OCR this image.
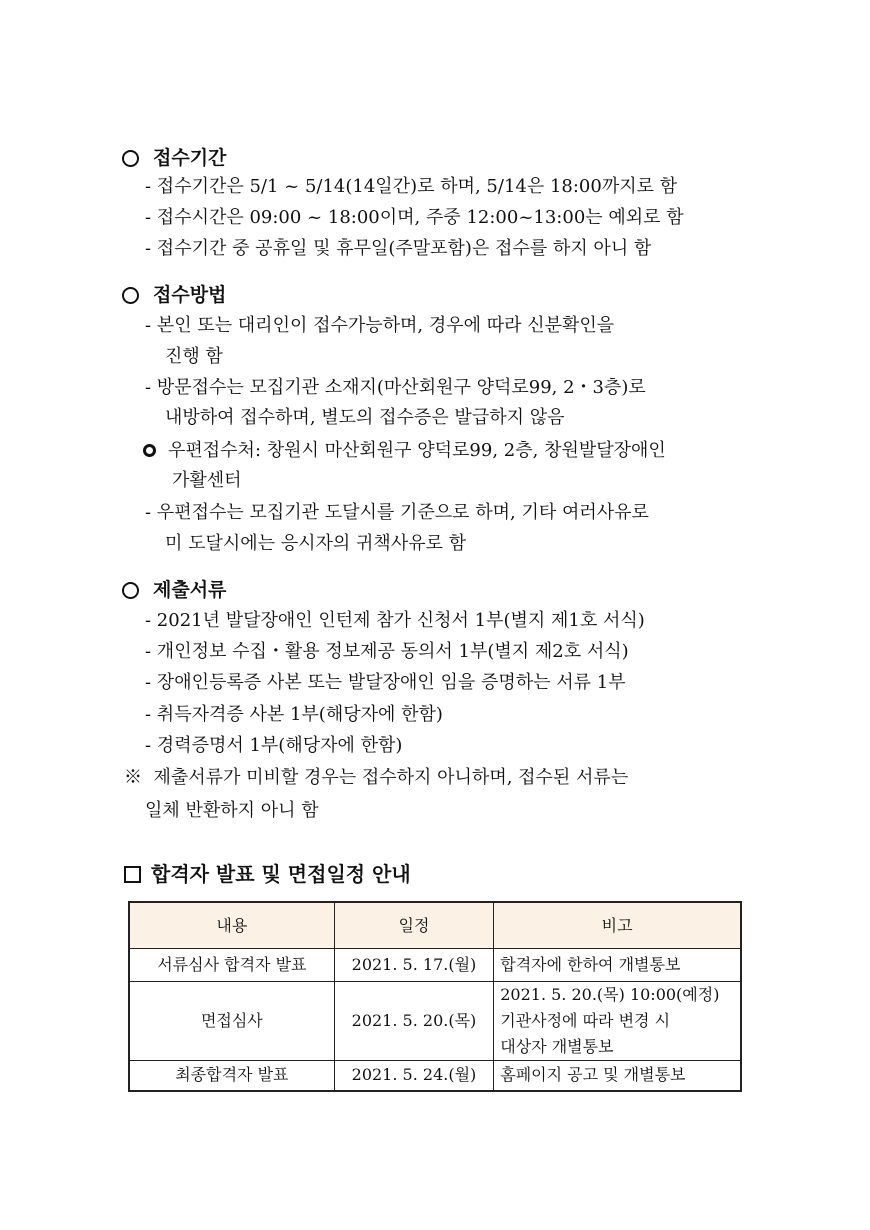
접수기간
- 접수기간은 5/1 ~ 5/14(14일간)로 하며, 5/14은 18:00까지로 함
- 접수시간은 09:00 ~ 18:00이며, 주중 12:00~13:00는 예외로 함
- 접수기간 중 공휴일 및 휴무일(주말포함)은 접수를 하지 아니 함
접수방법
- 본인 또는 대리인이 접수가능하며, 경우에 따라 신분확인을
진행 함
- 방문접수는 모집기관 소재지(마산회원구 양덕로99, 2・3층)로
내방하여 접수하며, 별도의 접수증은 발급하지 않음
우편접수처: 창원시 마산회원구 양덕로99, 2층, 창원발달장애인
가활센터
- 우편접수는 모집기관 도달시를 기준으로 하며, 기타 여러사유로
미 도달시에는 응시자의 귀책사유로 함
제출서류
- 2021년 발달장애인 인턴제 참가 신청서 1부(별지 제1호 서식)
- 개인정보 수집・활용 정보제공 동의서 1부(별지 제2호 서식)
- 장애인등록증 사본 또는 발달장애인 임을 증명하는 서류 1부
- 취득자격증 사본 1부(해당자에 한함)
- 경력증명서 1부(해당자에 한함)
※ 제출서류가 미비할 경우는 접수하지 아니하며, 접수된 서류는
일체 반환하지 아니 함
합격자 발표 및 면접일정 안내
내용	일정	비고
서류심사 합격자 발표	2021. 5. 17.(월)	합격자에 한하여 개별통보
면접심사	2021. 5. 20.(목)	2021. 5. 20.(목) 10:00(예정)
기관사정에 따라 변경 시
대상자 개별통보

최종합격자 발표	2021. 5. 24.(월)	홈페이지 공고 및 개별통보
